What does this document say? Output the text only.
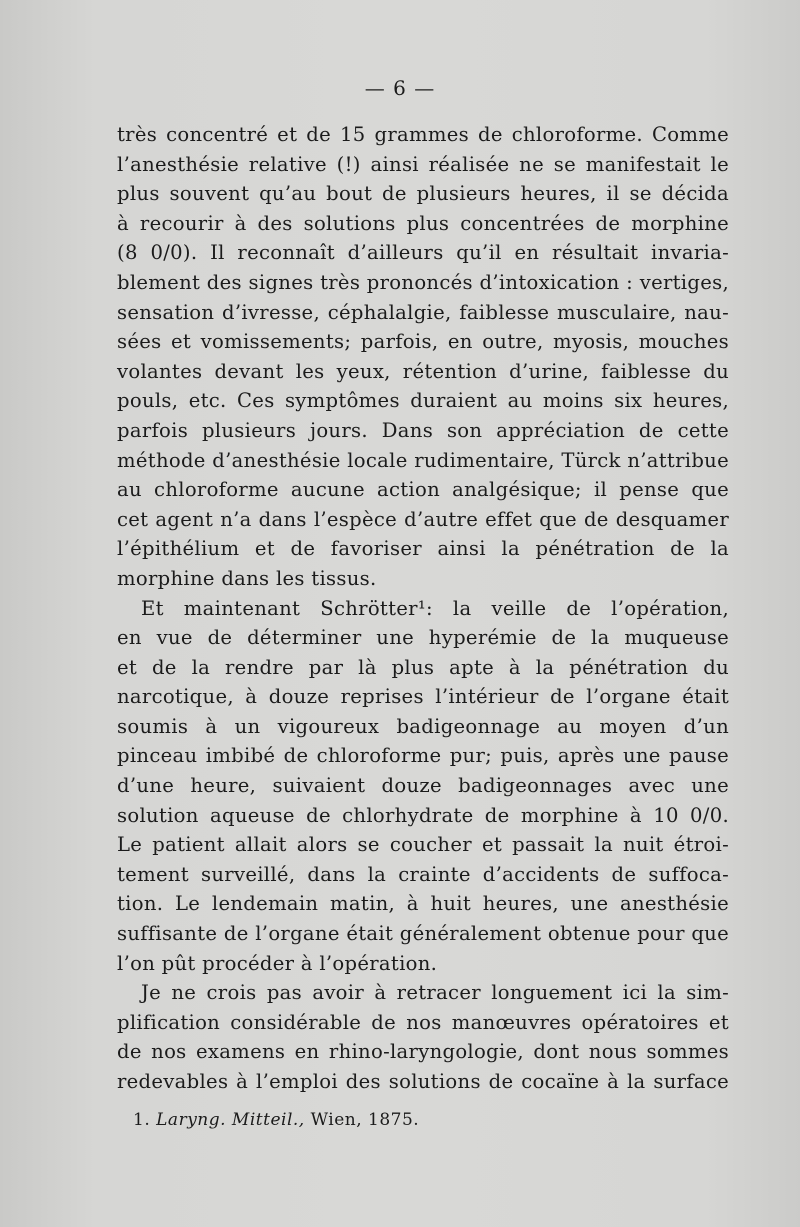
— 6 —
très concentré et de 15 grammes de chloroforme. Comme
l’anesthésie relative (!) ainsi réalisée ne se manifestait le
plus souvent qu’au bout de plusieurs heures, il se décida
à recourir à des solutions plus concentrées de morphine
(8 0/0). Il reconnaît d’ailleurs qu’il en résultait invaria-
blement des signes très prononcés d’intoxication : vertiges,
sensation d’ivresse, céphalalgie, faiblesse musculaire, nau-
sées et vomissements; parfois, en outre, myosis, mouches
volantes devant les yeux, rétention d’urine, faiblesse du
pouls, etc. Ces symptômes duraient au moins six heures,
parfois plusieurs jours. Dans son appréciation de cette
méthode d’anesthésie locale rudimentaire, Türck n’attribue
au chloroforme aucune action analgésique; il pense que
cet agent n’a dans l’espèce d’autre effet que de desquamer
l’épithélium et de favoriser ainsi la pénétration de la
morphine dans les tissus.
Et maintenant Schrötter¹: la veille de l’opération,
en vue de déterminer une hyperémie de la muqueuse
et de la rendre par là plus apte à la pénétration du
narcotique, à douze reprises l’intérieur de l’organe était
soumis à un vigoureux badigeonnage au moyen d’un
pinceau imbibé de chloroforme pur; puis, après une pause
d’une heure, suivaient douze badigeonnages avec une
solution aqueuse de chlorhydrate de morphine à 10 0/0.
Le patient allait alors se coucher et passait la nuit étroi-
tement surveillé, dans la crainte d’accidents de suffoca-
tion. Le lendemain matin, à huit heures, une anesthésie
suffisante de l’organe était généralement obtenue pour que
l’on pût procéder à l’opération.
Je ne crois pas avoir à retracer longuement ici la sim-
plification considérable de nos manœuvres opératoires et
de nos examens en rhino-laryngologie, dont nous sommes
redevables à l’emploi des solutions de cocaïne à la surface
1. Laryng. Mitteil., Wien, 1875.
